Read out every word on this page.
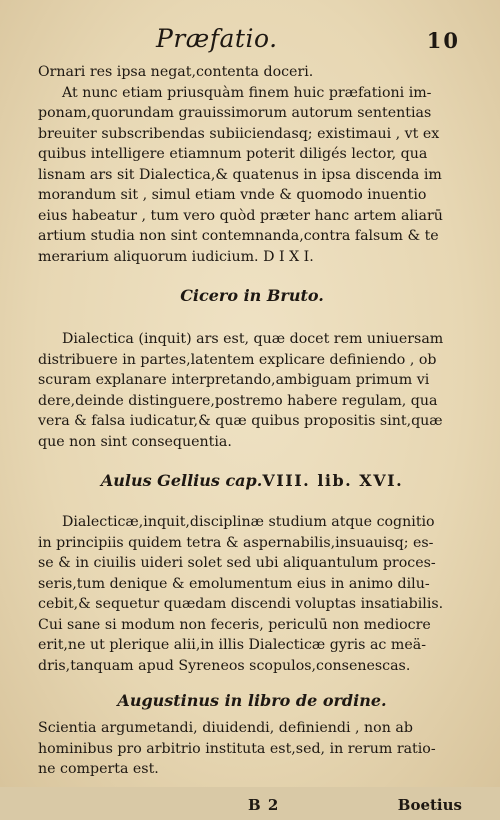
Præfatio.	10
Ornari res ipsa negat,contenta doceri.
At nunc etiam priusquàm finem huic præfationi im-
ponam,quorundam grauissimorum autorum sententias
breuiter subscribendas subiiciendasq; existimaui , vt ex
quibus intelligere etiamnum poterit diligés lector, qua
lisnam ars sit Dialectica,& quatenus in ipsa discenda im
morandum sit , simul etiam vnde & quomodo inuentio
eius habeatur , tum vero quòd præter hanc artem aliarū
artium studia non sint contemnanda,contra falsum & te
merarium aliquorum iudicium. D I X I.
Cicero in Bruto.
Dialectica (inquit) ars est, quæ docet rem uniuersam
distribuere in partes,latentem explicare definiendo , ob
scuram explanare interpretando,ambiguam primum vi
dere,deinde distinguere,postremo habere regulam, qua
vera & falsa iudicatur,& quæ quibus propositis sint,quæ
que non sint consequentia.
Aulus Gellius cap.VIII. lib. XVI.
Dialecticæ,inquit,disciplinæ studium atque cognitio
in principiis quidem tetra & aspernabilis,insuauisq; es-
se & in ciuilis uideri solet sed ubi aliquantulum proces-
seris,tum denique & emolumentum eius in animo dilu-
cebit,& sequetur quædam discendi voluptas insatiabilis.
Cui sane si modum non feceris, periculū non mediocre
erit,ne ut plerique alii,in illis Dialecticæ gyris ac meä-
dris,tanquam apud Syreneos scopulos,consenescas.
Augustinus in libro de ordine.
Scientia argumetandi, diuidendi, definiendi , non ab
hominibus pro arbitrio instituta est,sed, in rerum ratio-
ne comperta est.
B 2	Boetius
